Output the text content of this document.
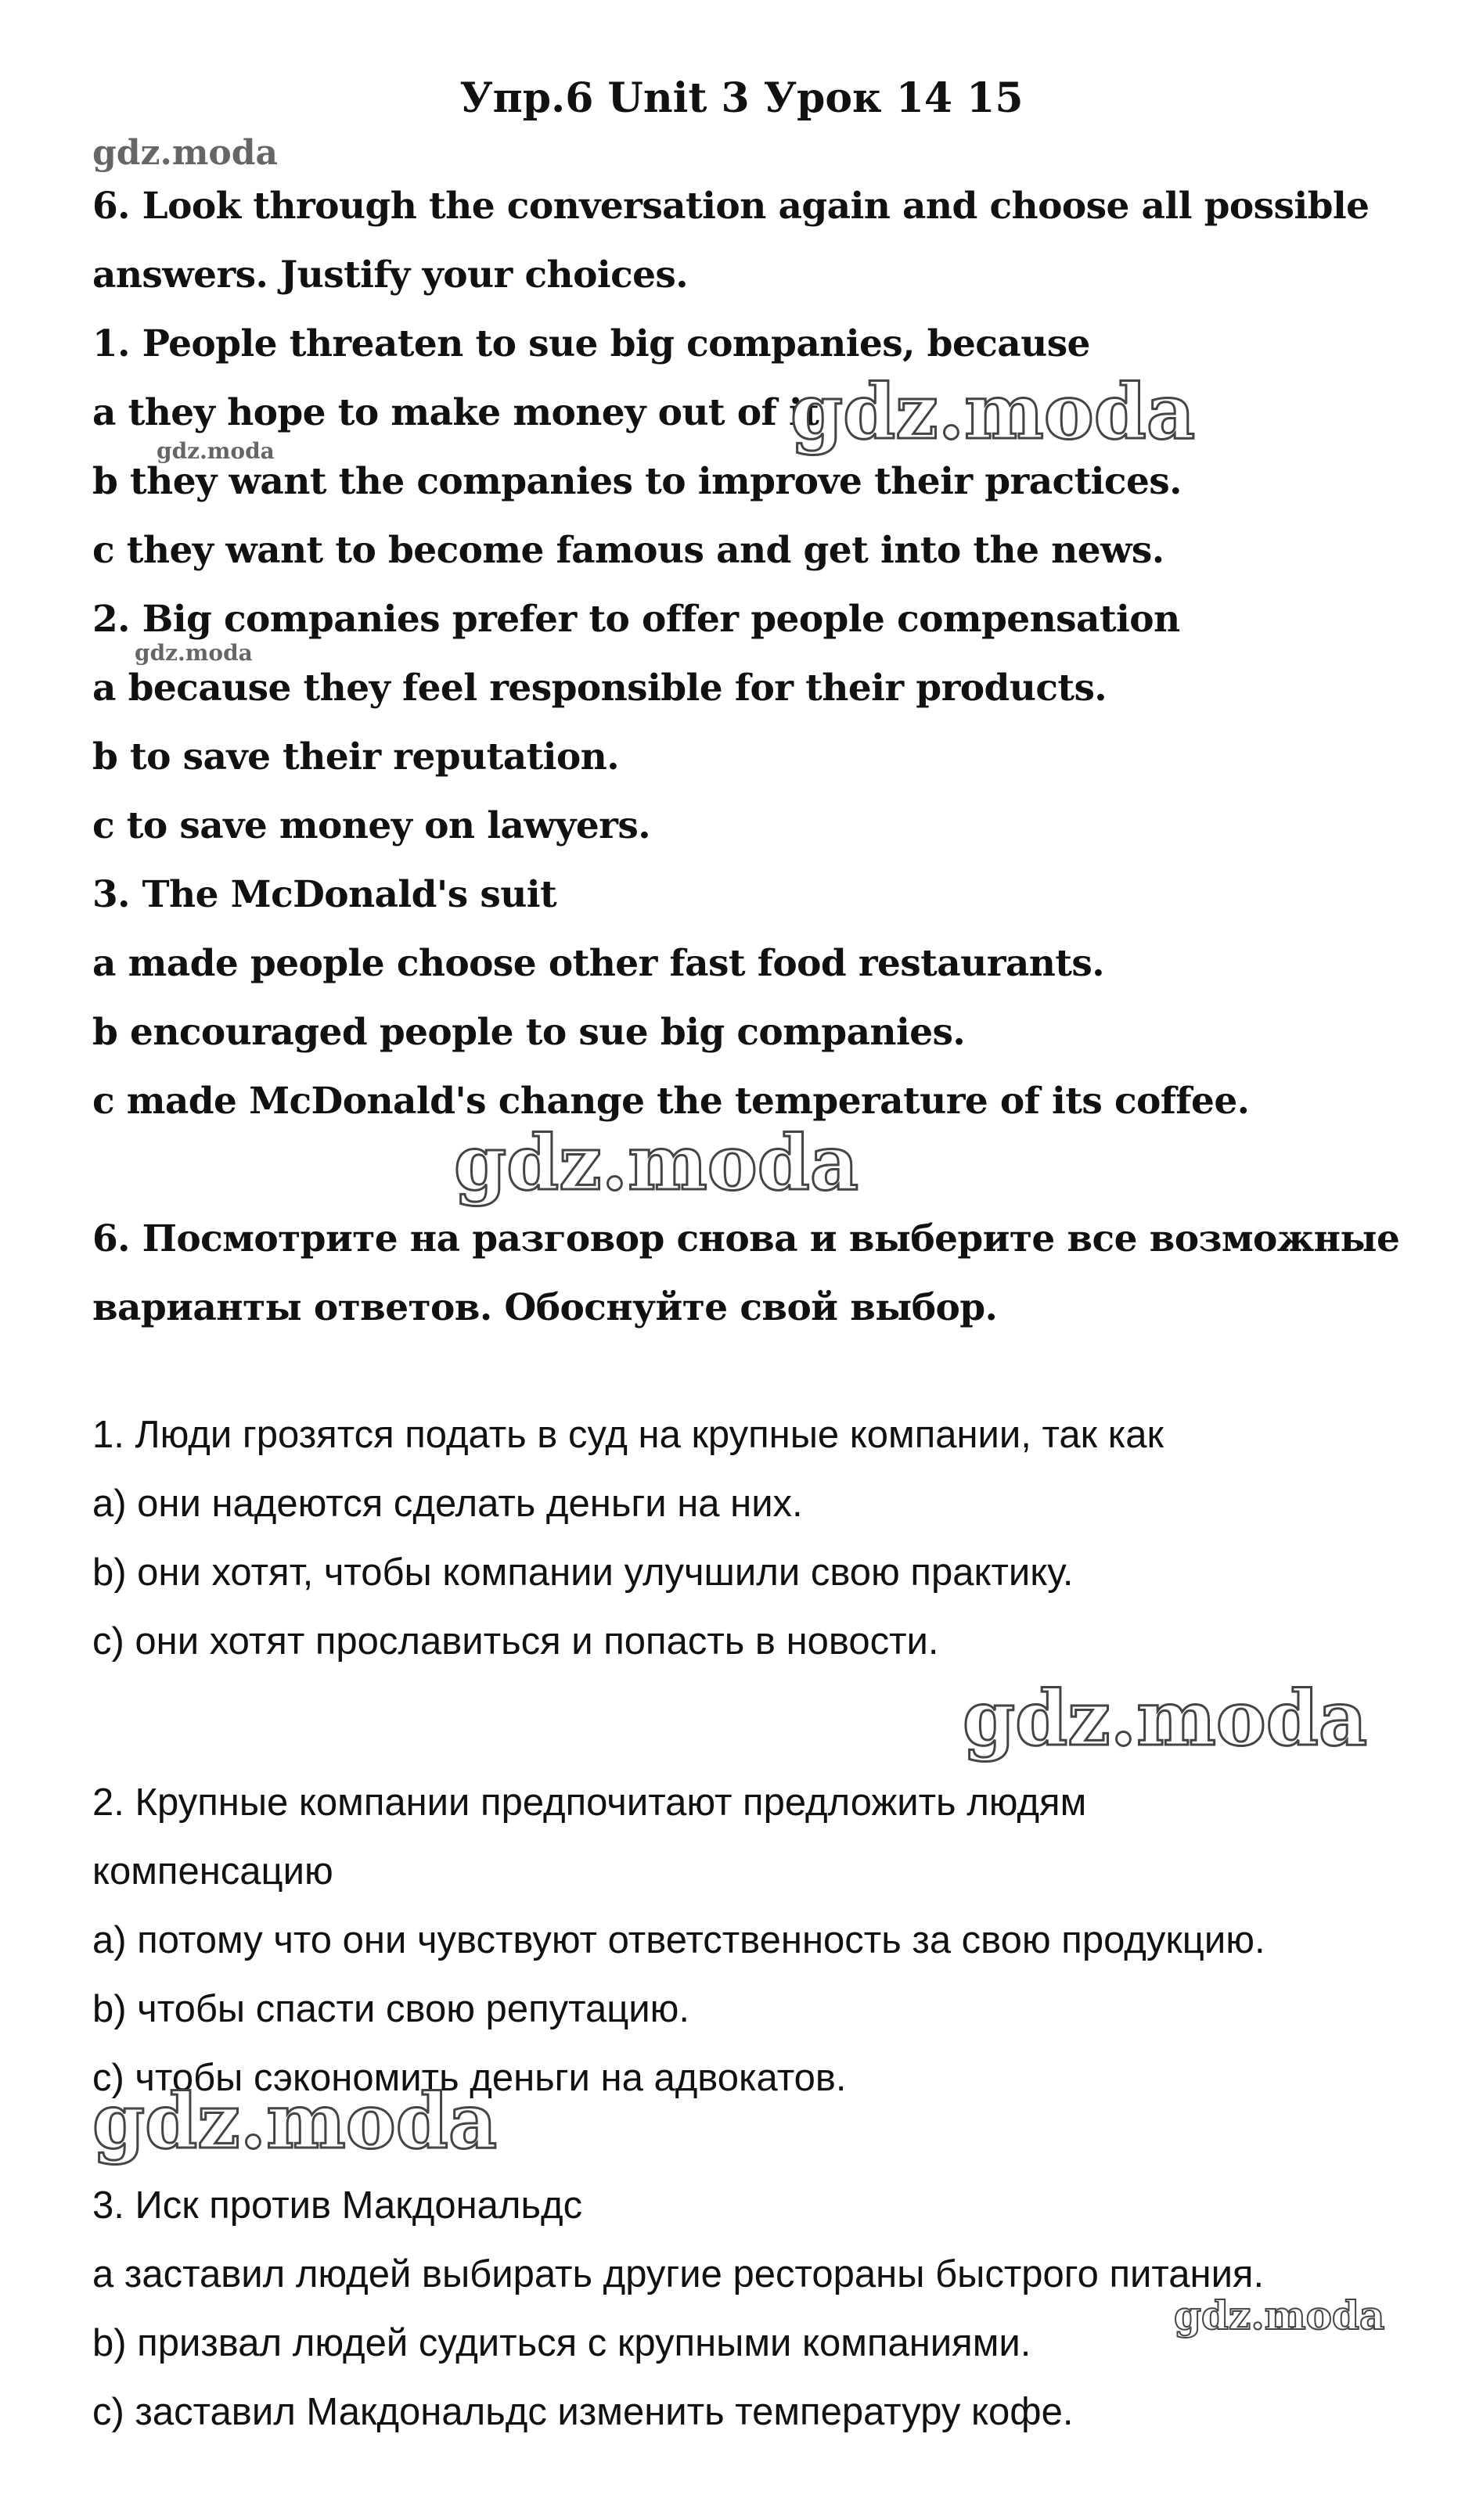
Упр.6 Unit 3 Урок 14 15

6. Look through the conversation again and choose all possible

answers. Justify your choices.

1. People threaten to sue big companies, because

a they hope to make money out of it.

b they want the companies to improve their practices.

c they want to become famous and get into the news.

2. Big companies prefer to offer people compensation

a because they feel responsible for their products.

b to save their reputation.

c to save money on lawyers.

3. The McDonald's suit

a made people choose other fast food restaurants.

b encouraged people to sue big companies.

c made McDonald's change the temperature of its coffee.

6. Посмотрите на разговор снова и выберите все возможные

варианты ответов. Обоснуйте свой выбор.

1. Люди грозятся подать в суд на крупные компании, так как

a) они надеются сделать деньги на них.

b) они хотят, чтобы компании улучшили свою практику.

c) они хотят прославиться и попасть в новости.

2. Крупные компании предпочитают предложить людям

компенсацию

a) потому что они чувствуют ответственность за свою продукцию.

b) чтобы спасти свою репутацию.

c) чтобы сэкономить деньги на адвокатов.

3. Иск против Макдональдс

а заставил людей выбирать другие рестораны быстрого питания.

b) призвал людей судиться с крупными компаниями.

c) заставил Макдональдс изменить температуру кофе.

gdz.moda
gdz.moda
gdz.moda
gdz.moda
gdz.moda
gdz.moda
gdz.moda
gdz.moda
